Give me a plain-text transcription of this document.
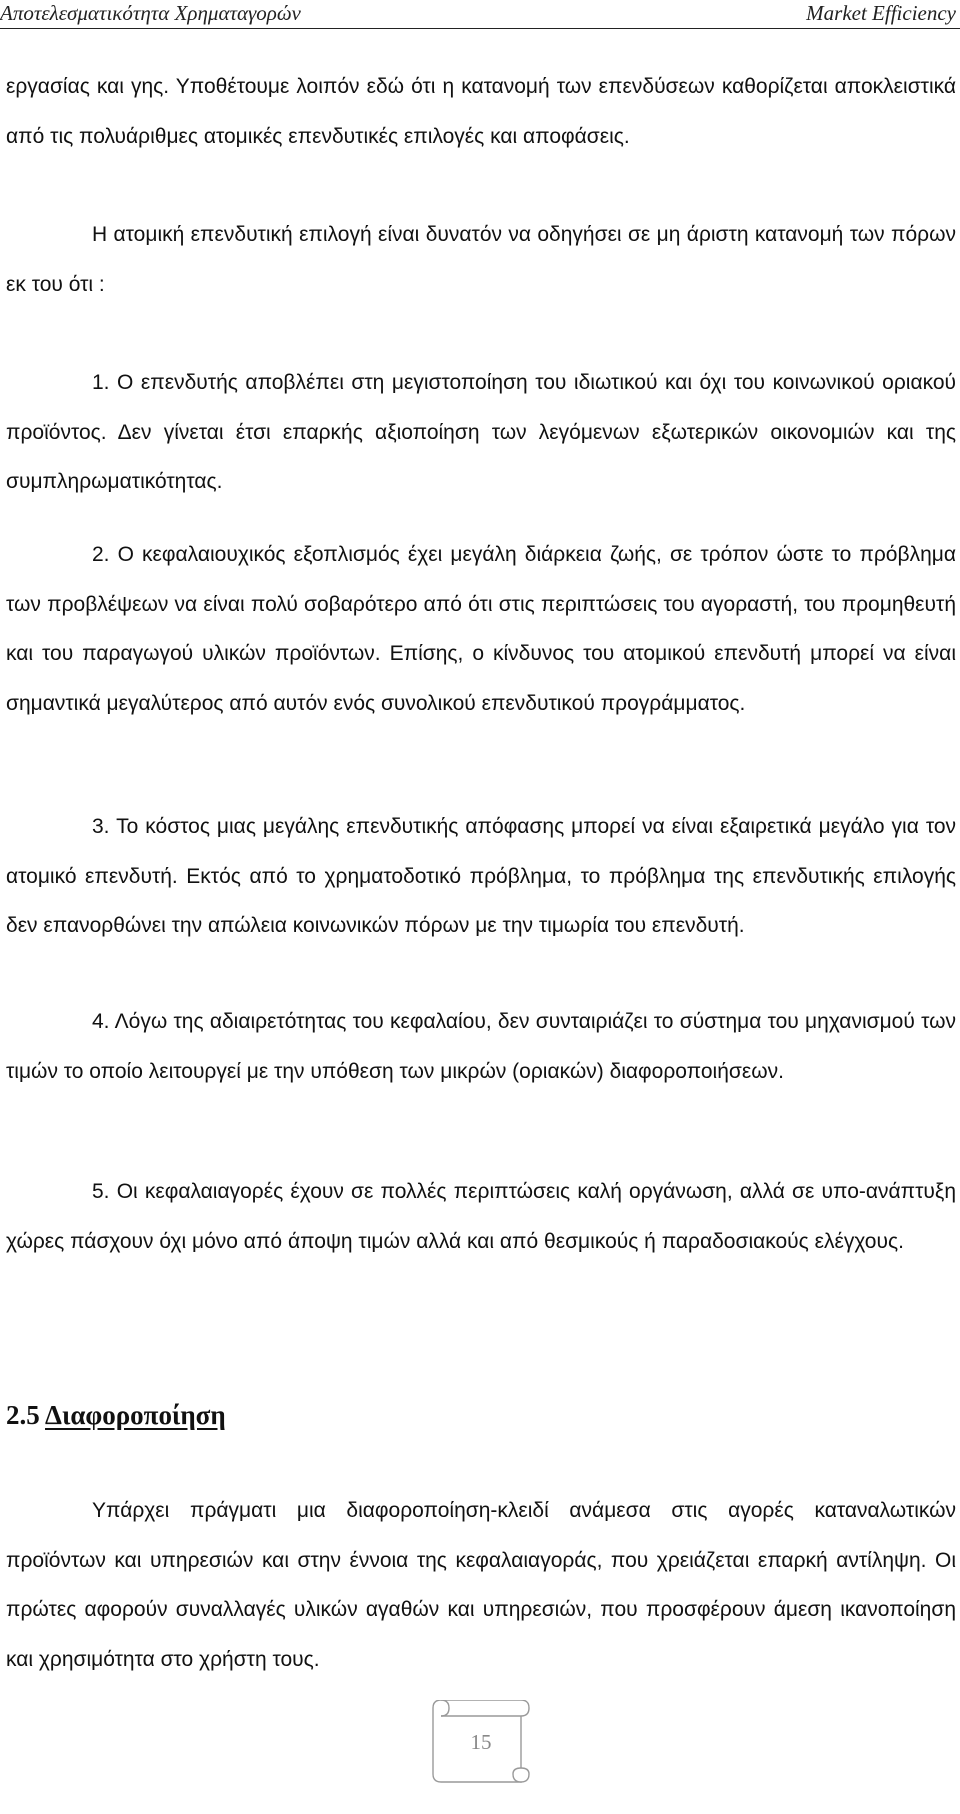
Αποτελεσματικότητα Χρηματαγορών	Market Efficiency

εργασίας και γης. Υποθέτουμε λοιπόν εδώ ότι η κατανομή των επενδύσεων καθορίζεται αποκλειστικά από τις πολυάριθμες ατομικές επενδυτικές επιλογές και αποφάσεις.

Η ατομική επενδυτική επιλογή είναι δυνατόν να οδηγήσει σε μη άριστη κατανομή των πόρων εκ του ότι :

1. Ο επενδυτής αποβλέπει στη μεγιστοποίηση του ιδιωτικού και όχι του κοινωνικού οριακού προϊόντος. Δεν γίνεται έτσι επαρκής αξιοποίηση των λεγόμενων εξωτερικών οικονομιών και της συμπληρωματικότητας.

2. Ο κεφαλαιουχικός εξοπλισμός έχει μεγάλη διάρκεια ζωής, σε τρόπον ώστε το πρόβλημα των προβλέψεων να είναι πολύ σοβαρότερο από ότι στις περιπτώσεις του αγοραστή, του προμηθευτή και του παραγωγού υλικών προϊόντων. Επίσης, ο κίνδυνος του ατομικού επενδυτή μπορεί να είναι σημαντικά μεγαλύτερος από αυτόν ενός συνολικού επενδυτικού προγράμματος.

3. Το κόστος μιας μεγάλης επενδυτικής απόφασης μπορεί να είναι εξαιρετικά μεγάλο για τον ατομικό επενδυτή. Εκτός από το χρηματοδοτικό πρόβλημα, το πρόβλημα της επενδυτικής επιλογής δεν επανορθώνει την απώλεια κοινωνικών πόρων με την τιμωρία του επενδυτή.

4. Λόγω της αδιαιρετότητας του κεφαλαίου, δεν συνταιριάζει το σύστημα του μηχανισμού των τιμών το οποίο λειτουργεί με την υπόθεση των μικρών (οριακών) διαφοροποιήσεων.

5. Οι κεφαλαιαγορές έχουν σε πολλές περιπτώσεις καλή οργάνωση, αλλά σε υπο-ανάπτυξη χώρες πάσχουν όχι μόνο από άποψη τιμών αλλά και από θεσμικούς ή παραδοσιακούς ελέγχους.

2.5 Διαφοροποίηση

Υπάρχει πράγματι μια διαφοροποίηση-κλειδί ανάμεσα στις αγορές καταναλωτικών προϊόντων και υπηρεσιών και στην έννοια της κεφαλαιαγοράς, που χρειάζεται επαρκή αντίληψη. Οι πρώτες αφορούν συναλλαγές υλικών αγαθών και υπηρεσιών, που προσφέρουν άμεση ικανοποίηση και χρησιμότητα στο χρήστη τους.

15
